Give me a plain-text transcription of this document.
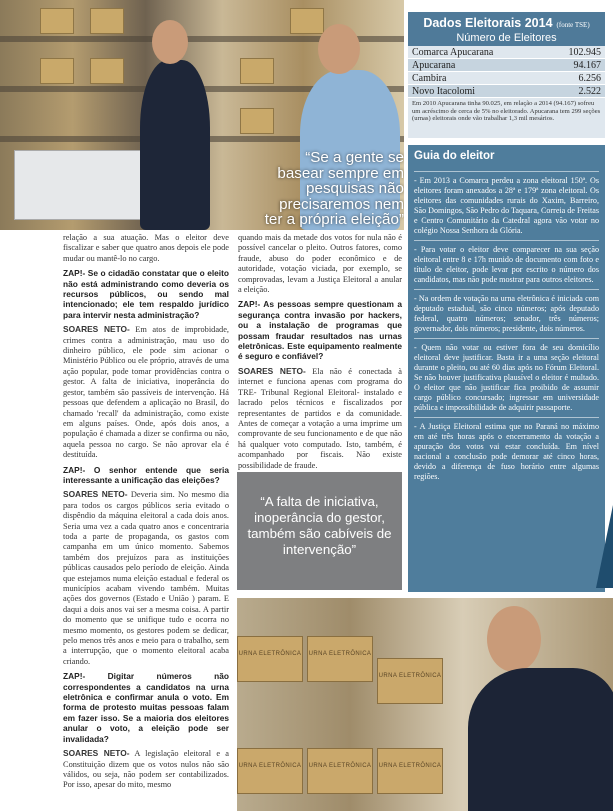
“Se a gente se basear sempre em pesquisas não precisaremos nem ter a própria eleição”
Dados Eleitorais 2014 (fonte TSE)
Número de Eleitores
Comarca Apucarana	102.945
Apucarana	94.167
Cambira	6.256
Novo Itacolomi	2.522
Em 2010 Apucarana tinha 90.025, em relação a 2014 (94.167) sofreu um acréscimo de cerca de 5% no eleitorado. Apucarana tem 299 seções (urnas) eleitorais onde vão trabalhar 1,3 mil mesários.

relação a sua atuação. Mas o eleitor deve fiscalizar e saber que quatro anos depois ele pode mudar ou mantê-lo no cargo.

ZAP!- Se o cidadão constatar que o eleito não está administrando como deveria os recursos públicos, ou sendo mal intencionado; ele tem respaldo jurídico para intervir nesta administração?

SOARES NETO- Em atos de improbidade, crimes contra a administração, mau uso do dinheiro público, ele pode sim acionar o Ministério Público ou ele próprio, através de uma ação popular, pode tomar providências contra o gestor. A falta de iniciativa, inoperância do gestor, também são passíveis de intervenção. Há pessoas que defendem a aplicação no Brasil, do chamado 'recall' da administração, como existe em alguns países. Onde, após dois anos, a população é chamada a dizer se confirma ou não, aquela pessoa no cargo. Se não aprovar ela é destituída.

ZAP!- O senhor entende que seria interessante a unificação das eleições?

SOARES NETO- Deveria sim. No mesmo dia para todos os cargos públicos seria evitado o dispêndio da máquina eleitoral a cada dois anos. Seria uma vez a cada quatro anos e concentraria toda a parte de propaganda, os gastos com campanha em um único momento. Sabemos também dos prejuízos para as instituições públicas causados pelo período de eleição. Ainda que estejamos numa eleição estadual e federal os municípios acabam vivendo também. Muitas ações dos governos (Estado e União ) param. E daqui a dois anos vai ser a mesma coisa. A partir do momento que se unifique tudo e ocorra no mesmo momento, os gestores podem se dedicar, pelo menos três anos e meio para o trabalho, sem a interrupção, que o momento eleitoral acaba criando.

ZAP!- Digitar números não correspondentes a candidatos na urna eletrônica e confirmar anula o voto. Em forma de protesto muitas pessoas falam em fazer isso. Se a maioria dos eleitores anular o voto, a eleição pode ser invalidada?

SOARES NETO- A legislação eleitoral e a Constituição dizem que os votos nulos não são válidos, ou seja, não podem ser contabilizados. Por isso, apesar do mito, mesmo

quando mais da metade dos votos for nula não é possível cancelar o pleito. Outros fatores, como fraude, abuso do poder econômico e de autoridade, votação viciada, por exemplo, se comprovadas, levam a Justiça Eleitoral a anular a eleição.

ZAP!- As pessoas sempre questionam a segurança contra invasão por hackers, ou a instalação de programas que possam fraudar resultados nas urnas eletrônicas. Este equipamento realmente é seguro e confiável?

SOARES NETO- Ela não é conectada à internet e funciona apenas com programa do TRE- Tribunal Regional Eleitoral- instalado e lacrado pelos técnicos e fiscalizados por representantes de partidos e da comunidade. Antes de começar a votação a urna imprime um comprovante de seu funcionamento e de que não há qualquer voto computado. Isto, também, é acompanhado por fiscais. Não existe possibilidade de fraude.

“A falta de iniciativa, inoperância do gestor, também são cabíveis de intervenção”
Guia do eleitor

- Em 2013 a Comarca perdeu a zona eleitoral 150ª. Os eleitores foram anexados a 28ª e 179ª zona eleitoral. Os eleitores das comunidades rurais do Xaxim, Barreiro, São Domingos, São Pedro do Taquara, Correia de Freitas e Centro Comunitário da Catedral agora vão votar no colégio Nossa Senhora da Glória.

- Para votar o eleitor deve comparecer na sua seção eleitoral entre 8 e 17h munido de documento com foto e título de eleitor, pode levar por escrito o número dos candidatos, mas não pode mostrar para outros eleitores.

- Na ordem de votação na urna eletrônica é iniciada com deputado estadual, são cinco números; após deputado federal, quatro números; senador, três números; governador, dois números; presidente, dois números.

- Quem não votar ou estiver fora de seu domicílio eleitoral deve justificar. Basta ir a uma seção eleitoral durante o pleito, ou até 60 dias após no Fórum Eleitoral. Se não houver justificativa plausível o eleitor é multado. O eleitor que não justificar fica proibido de assumir cargo público concursado; ingressar em universidade pública e impossibilidade de adquirir passaporte.

- A Justiça Eleitoral estima que no Paraná no máximo em até três horas após o encerramento da votação a apuração dos votos vai estar concluída. Em nível nacional a conclusão pode demorar até cinco horas, devido a diferença de fuso horário entre algumas regiões.

URNA ELETRÔNICA URNA ELETRÔNICA
URNA ELETRÔNICA
URNA ELETRÔNICA URNA ELETRÔNICA URNA ELETRÔNICA
